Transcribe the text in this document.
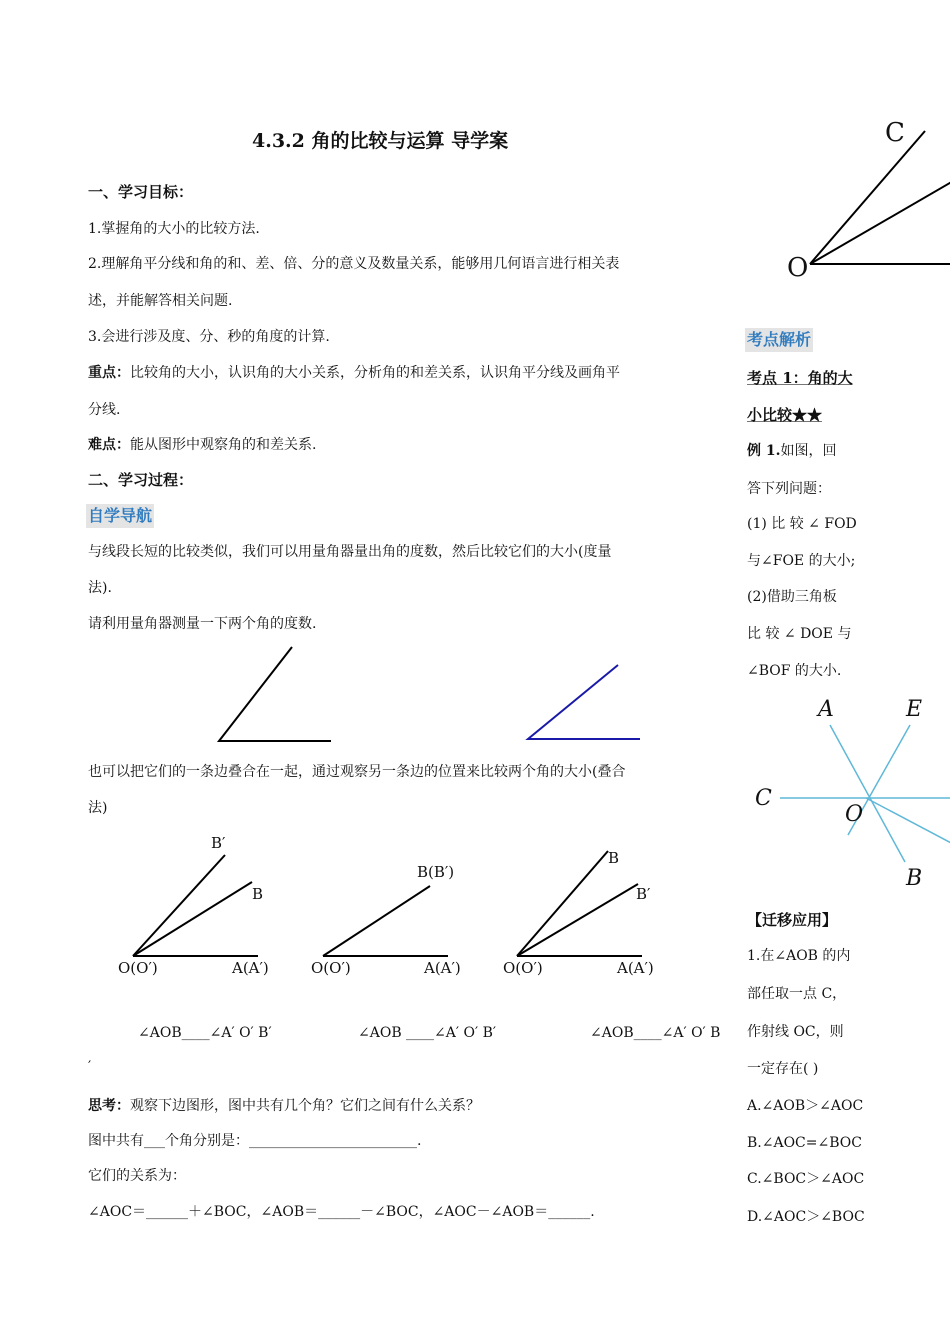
4.3.2 角的比较与运算 导学案	C
O
一、学习目标：
1.掌握角的大小的比较方法.
2.理解角平分线和角的和、差、倍、分的意义及数量关系，能够用几何语言进行相关表
述，并能解答相关问题.
3.会进行涉及度、分、秒的角度的计算.
重点：比较角的大小，认识角的大小关系，分析角的和差关系，认识角平分线及画角平
分线.
难点：能从图形中观察角的和差关系.
二、学习过程：
自学导航
与线段长短的比较类似，我们可以用量角器量出角的度数，然后比较它们的大小(度量
法).
请利用量角器测量一下两个角的度数.
也可以把它们的一条边叠合在一起，通过观察另一条边的位置来比较两个角的大小(叠合
法)
B′
B
O(O′)	A(A′)
B(B′)
O(O′)	A(A′)
B
B′
O(O′)	A(A′)
∠AOB____∠A′ O′ B′	∠AOB ____∠A′ O′ B′	∠AOB____∠A′ O′ B
′
思考：观察下边图形，图中共有几个角？它们之间有什么关系？
图中共有___个角分别是：________________________.
它们的关系为：
∠AOC＝______＋∠BOC，∠AOB＝______－∠BOC，∠AOC－∠AOB＝______.
考点解析
考点 1：角的大
小比较★★
例 1.如图，回
答下列问题：
(1) 比 较 ∠ FOD
与∠FOE 的大小;
(2)借助三角板
比 较 ∠ DOE 与
∠BOF 的大小.
A	E
C
O
B
【迁移应用】
1.在∠AOB 的内
部任取一点 C，
作射线 OC，则
一定存在( )
A.∠AOB＞∠AOC
B.∠AOC=∠BOC
C.∠BOC＞∠AOC
D.∠AOC＞∠BOC
